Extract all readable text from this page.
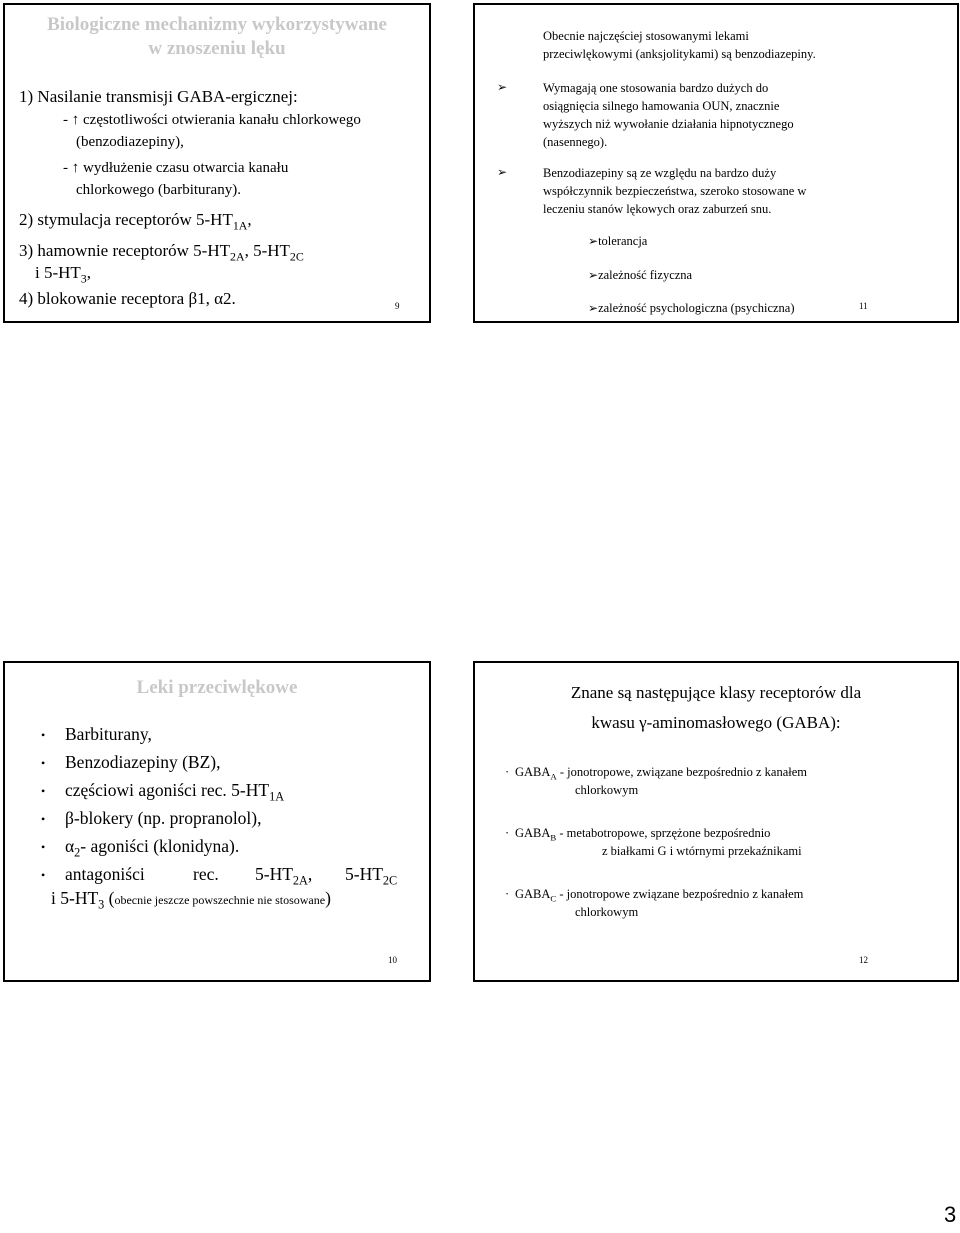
Biologiczne mechanizmy wykorzystywane
w znoszeniu lęku
1) Nasilanie transmisji GABA-ergicznej:
- ↑ częstotliwości otwierania kanału chlorkowego
(benzodiazepiny),
- ↑ wydłużenie czasu otwarcia kanału
chlorkowego (barbiturany).
2) stymulacja receptorów $5-HT_{1A}$,
3) hamownie receptorów $5-HT_{2A}$, $5-HT_{2C}$
i $5-HT_3$,
4) blokowanie receptora β1, α2.	9
Obecnie najczęściej stosowanymi lekami
przeciwlękowymi (anksjolitykami) są benzodiazepiny.
➢	Wymagają one stosowania bardzo dużych do
osiągnięcia silnego hamowania OUN, znacznie
wyższych niż wywołanie działania hipnotycznego
(nasennego).
➢	Benzodiazepiny są ze względu na bardzo duży
współczynnik bezpieczeństwa, szeroko stosowane w
leczeniu stanów lękowych oraz zaburzeń snu.
➢tolerancja
➢zależność fizyczna
➢zależność psychologiczna (psychiczna)	11
Leki przeciwlękowe
• Barbiturany,
• Benzodiazepiny (BZ),
• częściowi agoniści rec. $5-HT_{1A}$
• β-blokery (np. propranolol),
• $\alpha_2-$ agoniści (klonidyna).
• antagoniści	rec. $5-HT_{2A}$, $5-HT_{2C}$
i $5-HT_3$ (obecnie jeszcze powszechnie nie stosowane)
10
Znane są następujące klasy receptorów dla
kwasu γ-aminomasłowego (GABA):
· $GABA_A$ - jonotropowe, związane bezpośrednio z kanałem
chlorkowym
· $GABA_B$ - metabotropowe, sprzężone bezpośrednio
z białkami G i wtórnymi przekaźnikami
· $GABA_C$ - jonotropowe związane bezpośrednio z kanałem
chlorkowym
12
3
